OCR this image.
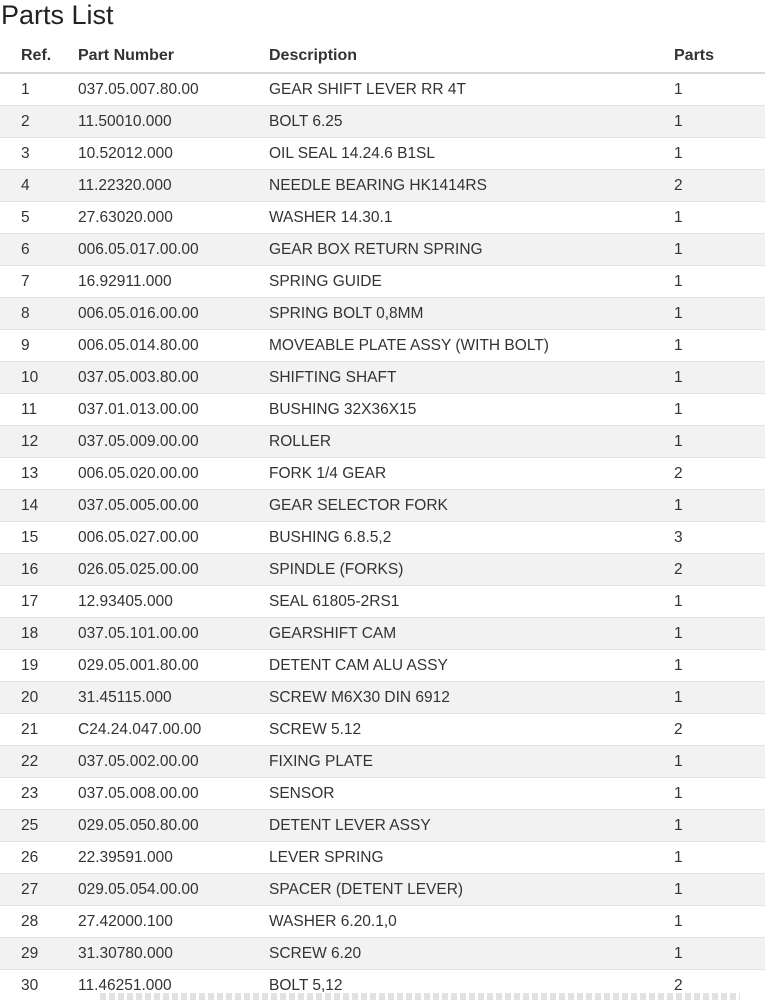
Parts List
Ref.	Part Number	Description	Parts
1	037.05.007.80.00	GEAR SHIFT LEVER RR 4T	1
2	11.50010.000	BOLT 6.25	1
3	10.52012.000	OIL SEAL 14.24.6 B1SL	1
4	11.22320.000	NEEDLE BEARING HK1414RS	2
5	27.63020.000	WASHER 14.30.1	1
6	006.05.017.00.00	GEAR BOX RETURN SPRING	1
7	16.92911.000	SPRING GUIDE	1
8	006.05.016.00.00	SPRING BOLT 0,8MM	1
9	006.05.014.80.00	MOVEABLE PLATE ASSY (WITH BOLT)	1
10	037.05.003.80.00	SHIFTING SHAFT	1
11	037.01.013.00.00	BUSHING 32X36X15	1
12	037.05.009.00.00	ROLLER	1
13	006.05.020.00.00	FORK 1/4 GEAR	2
14	037.05.005.00.00	GEAR SELECTOR FORK	1
15	006.05.027.00.00	BUSHING 6.8.5,2	3
16	026.05.025.00.00	SPINDLE (FORKS)	2
17	12.93405.000	SEAL 61805-2RS1	1
18	037.05.101.00.00	GEARSHIFT CAM	1
19	029.05.001.80.00	DETENT CAM ALU ASSY	1
20	31.45115.000	SCREW M6X30 DIN 6912	1
21	C24.24.047.00.00	SCREW 5.12	2
22	037.05.002.00.00	FIXING PLATE	1
23	037.05.008.00.00	SENSOR	1
25	029.05.050.80.00	DETENT LEVER ASSY	1
26	22.39591.000	LEVER SPRING	1
27	029.05.054.00.00	SPACER (DETENT LEVER)	1
28	27.42000.100	WASHER 6.20.1,0	1
29	31.30780.000	SCREW 6.20	1
30	11.46251.000	BOLT 5,12	2
